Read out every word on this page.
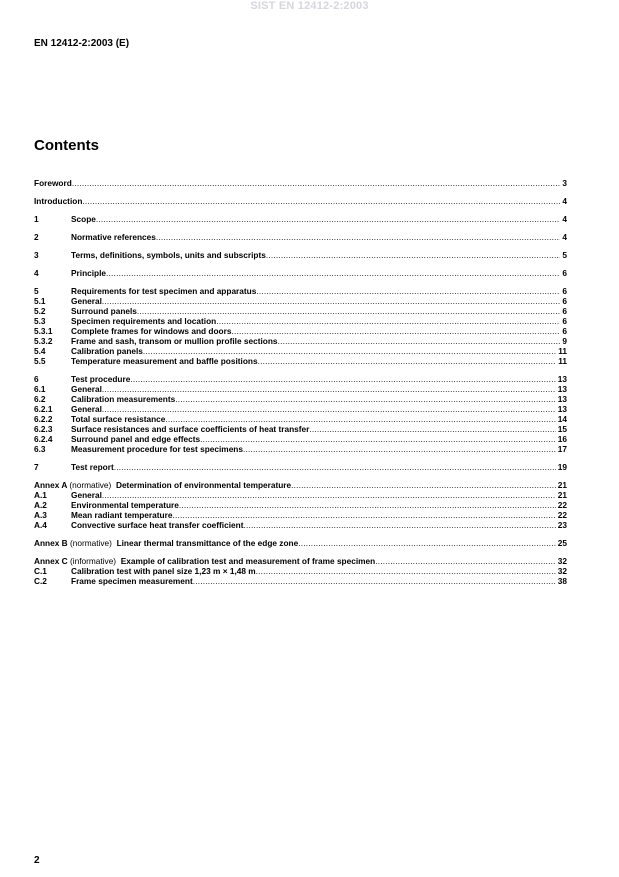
SIST EN 12412-2:2003
EN 12412-2:2003 (E)
Contents
Foreword .....	3
Introduction .....	4
1	Scope .....	4
2	Normative references .....	4
3	Terms, definitions, symbols, units and subscripts .....	5
4	Principle .....	6
5	Requirements for test specimen and apparatus .....	6
5.1	General .....	6
5.2	Surround panels .....	6
5.3	Specimen requirements and location .....	6
5.3.1	Complete frames for windows and doors .....	6
5.3.2	Frame and sash, transom or mullion profile sections .....	9
5.4	Calibration panels .....	11
5.5	Temperature measurement and baffle positions .....	11
6	Test procedure .....	13
6.1	General .....	13
6.2	Calibration measurements .....	13
6.2.1	General .....	13
6.2.2	Total surface resistance .....	14
6.2.3	Surface resistances and surface coefficients of heat transfer .....	15
6.2.4	Surround panel and edge effects .....	16
6.3	Measurement procedure for test specimens .....	17
7	Test report .....	19
Annex A (normative) Determination of environmental temperature .....	21
A.1	General .....	21
A.2	Environmental temperature .....	22
A.3	Mean radiant temperature .....	22
A.4	Convective surface heat transfer coefficient .....	23
Annex B (normative) Linear thermal transmittance of the edge zone .....	25
Annex C (informative) Example of calibration test and measurement of frame specimen .....	32
C.1	Calibration test with panel size 1,23 m × 1,48 m .....	32
C.2	Frame specimen measurement .....	38
2
